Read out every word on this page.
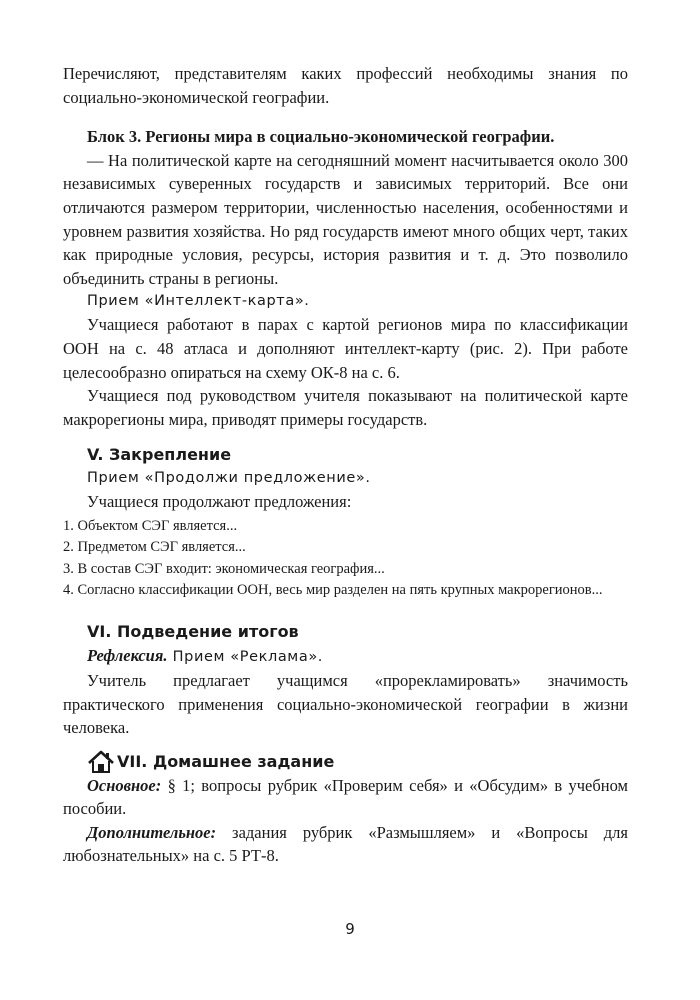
Перечисляют, представителям каких профессий необходимы знания по социально-экономической географии.

Блок 3. Регионы мира в социально-экономической географии.

— На политической карте на сегодняшний момент насчитывается около 300 независимых суверенных государств и зависимых территорий. Все они отличаются размером территории, численностью населения, особенностями и уровнем развития хозяйства. Но ряд государств имеют много общих черт, таких как природные условия, ресурсы, история развития и т. д. Это позволило объединить страны в регионы.

Прием «Интеллект-карта».

Учащиеся работают в парах с картой регионов мира по классификации ООН на с. 48 атласа и дополняют интеллект-карту (рис. 2). При работе целесообразно опираться на схему ОК-8 на с. 6.

Учащиеся под руководством учителя показывают на политической карте макрорегионы мира, приводят примеры государств.

V. Закрепление

Прием «Продолжи предложение».

Учащиеся продолжают предложения:

1. Объектом СЭГ является...

2. Предметом СЭГ является...

3. В состав СЭГ входит: экономическая география...

4. Согласно классификации ООН, весь мир разделен на пять крупных макрорегионов...

VI. Подведение итогов

Рефлексия. Прием «Реклама».

Учитель предлагает учащимся «прорекламировать» значимость практического применения социально-экономической географии в жизни человека.

VII. Домашнее задание

Основное: § 1; вопросы рубрик «Проверим себя» и «Обсудим» в учебном пособии.

Дополнительное: задания рубрик «Размышляем» и «Вопросы для любознательных» на с. 5 РТ-8.

9
